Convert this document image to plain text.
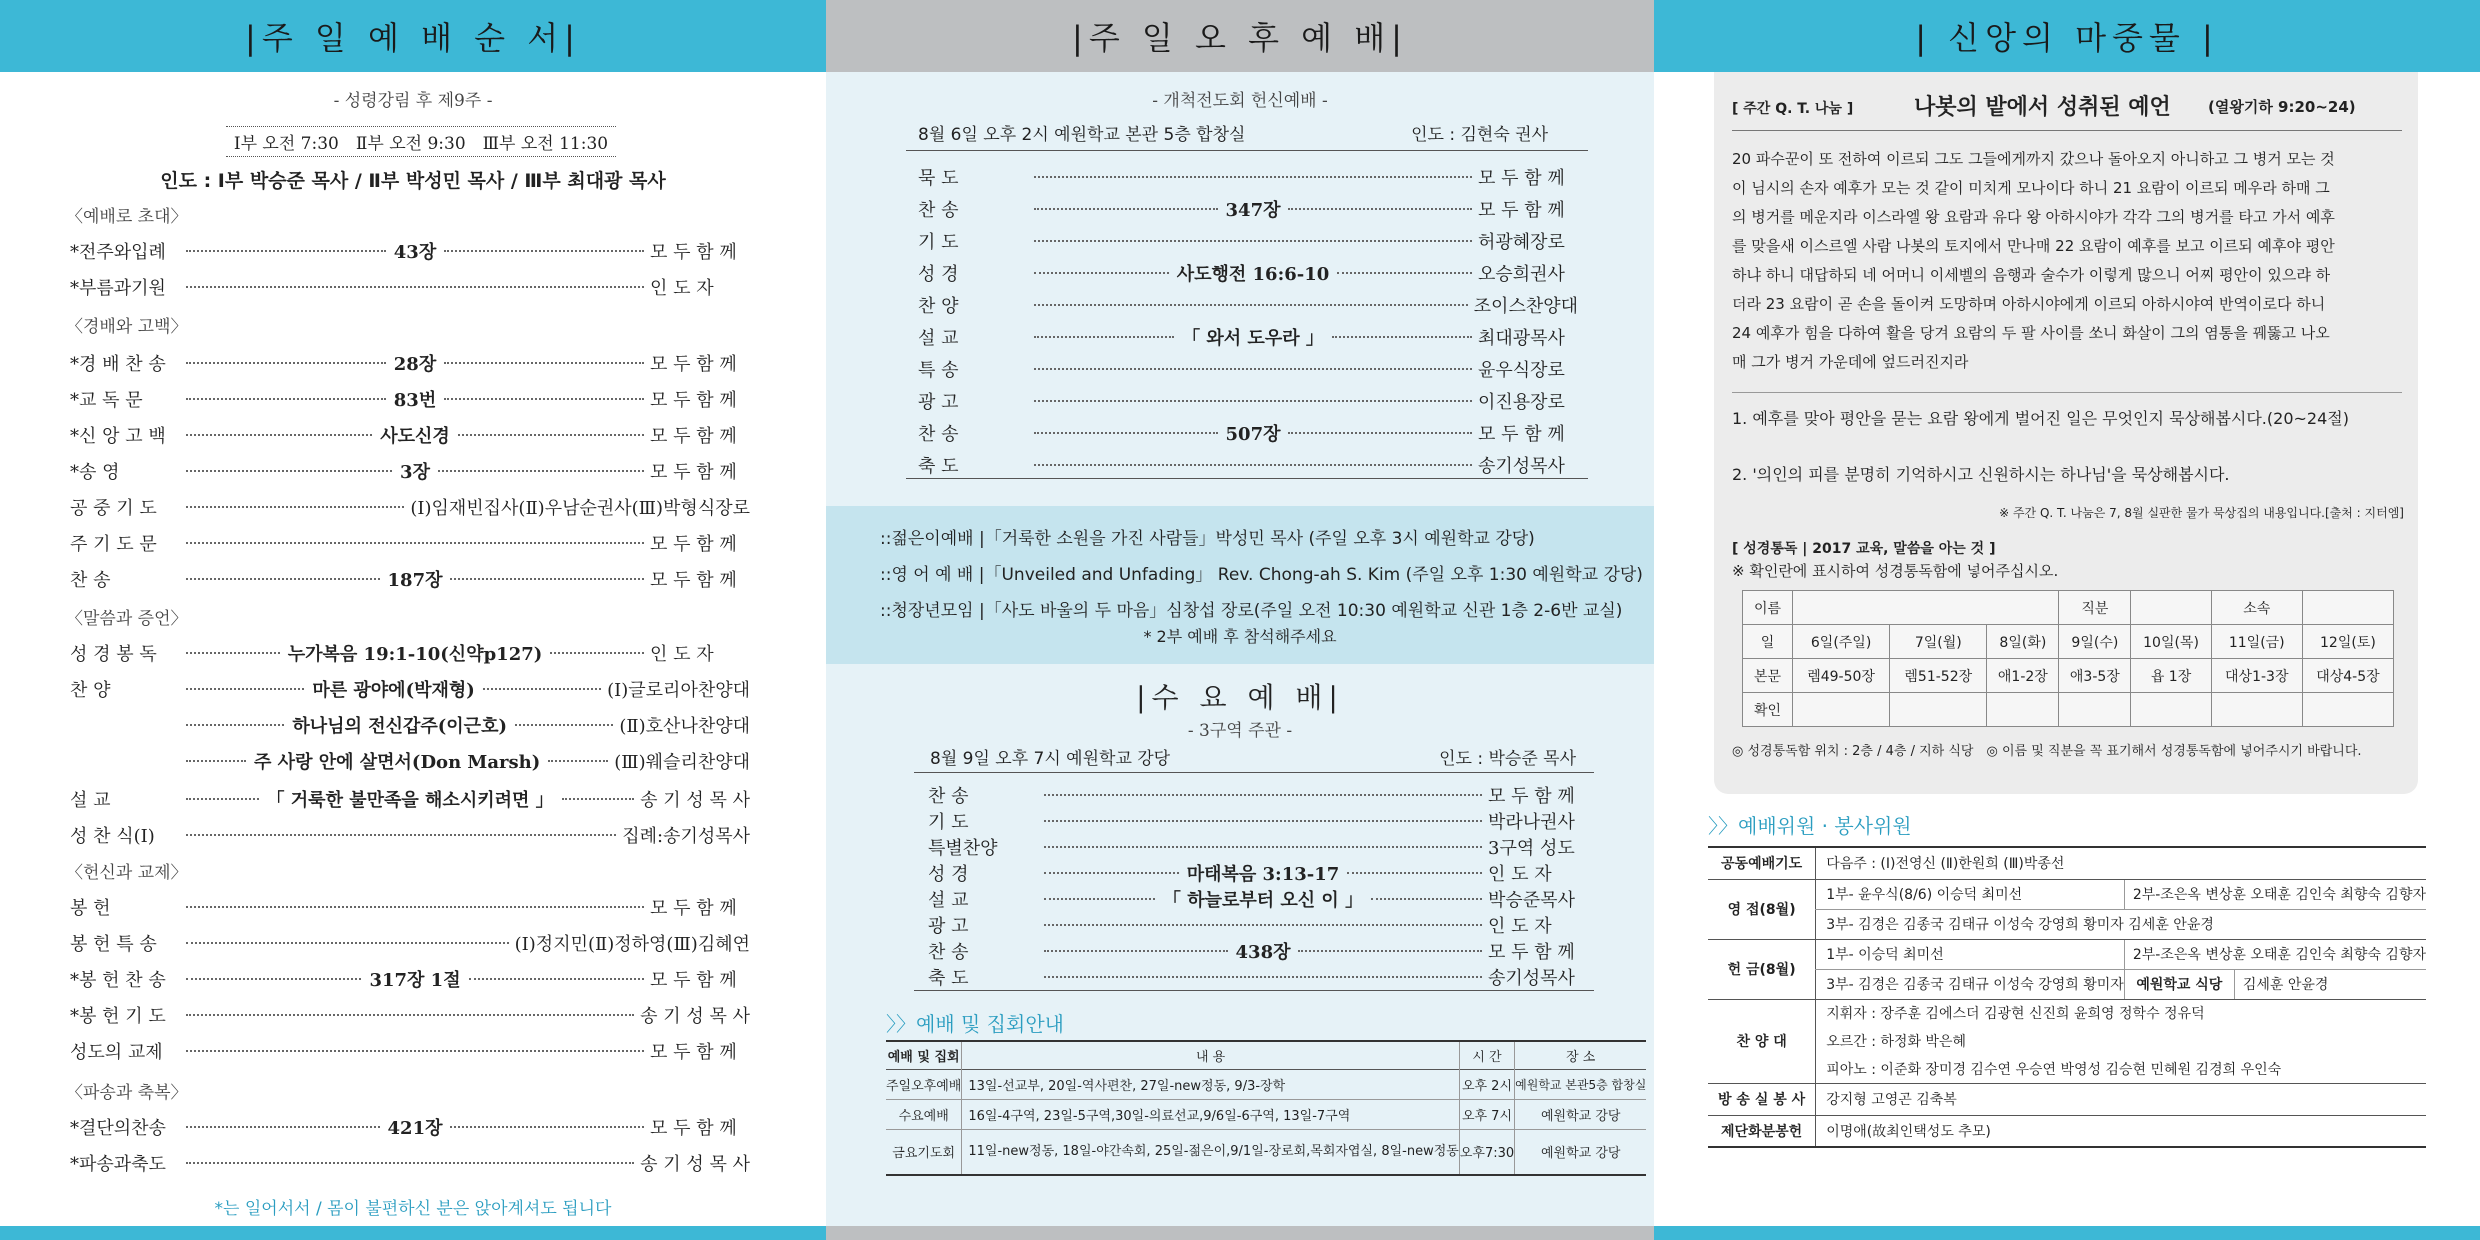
|주 일 예 배 순 서|
- 성령강림 후 제9주 -
Ⅰ부 오전 7:30　Ⅱ부 오전 9:30　Ⅲ부 오전 11:30
인도 : Ⅰ부 박승준 목사 / Ⅱ부 박성민 목사 / Ⅲ부 최대광 목사
*전주와입례	43장	모 두 함 께
*부름과기원	인 도 자
*경 배 찬 송	28장	모 두 함 께
*교 독 문	83번	모 두 함 께
*신 앙 고 백	사도신경	모 두 함 께
*송 영	3장	모 두 함 께
공 중 기 도	(Ⅰ)임재빈집사(Ⅱ)우남순권사(Ⅲ)박형식장로
주 기 도 문	모 두 함 께
찬 송	187장	모 두 함 께
성 경 봉 독	누가복음 19:1-10(신약p127)	인 도 자
찬 양	마른 광야에(박재형)	(Ⅰ)글로리아찬양대
하나님의 전신갑주(이근호)	(Ⅱ)호산나찬양대
주 사랑 안에 살면서(Don Marsh)	(Ⅲ)웨슬리찬양대
설 교	「 거룩한 불만족을 해소시키려면 」	송 기 성 목 사
성 찬 식(Ⅰ)	집례:송기성목사
봉 헌	모 두 함 께
봉 헌 특 송	(Ⅰ)정지민(Ⅱ)정하영(Ⅲ)김혜연
*봉 헌 찬 송	317장 1절	모 두 함 께
*봉 헌 기 도	송 기 성 목 사
성도의 교제	모 두 함 께
*결단의찬송	421장	모 두 함 께
*파송과축도	송 기 성 목 사
〈예배로 초대〉
〈경배와 고백〉
〈말씀과 증언〉
〈헌신과 교제〉
〈파송과 축복〉
*는 일어서서 / 몸이 불편하신 분은 앉아계셔도 됩니다
|주 일 오 후 예 배|
- 개척전도회 헌신예배 -
8월 6일 오후 2시 예원학교 본관 5층 합창실	인도 : 김현숙 권사
묵 도	모 두 함 께
찬 송	347장	모 두 함 께
기 도	허광혜장로
성 경	사도행전 16:6-10	오승희권사
찬 양	조이스찬양대
설 교	「 와서 도우라 」	최대광목사
특 송	윤우식장로
광 고	이진용장로
찬 송	507장	모 두 함 께
축 도	송기성목사
::젊은이예배 |「거룩한 소원을 가진 사람들」박성민 목사 (주일 오후 3시 예원학교 강당)
::영 어 예 배 |「Unveiled and Unfading」 Rev. Chong-ah S. Kim (주일 오후 1:30 예원학교 강당)
::청장년모임 |「사도 바울의 두 마음」심창섭 장로(주일 오전 10:30 예원학교 신관 1층 2-6반 교실)
* 2부 예배 후 참석해주세요
|수 요 예 배|
- 3구역 주관 -
8월 9일 오후 7시 예원학교 강당	인도 : 박승준 목사
찬 송	모 두 함 께
기 도	박라나권사
특별찬양	3구역 성도
성 경	마태복음 3:13-17	인 도 자
설 교	「 하늘로부터 오신 이 」	박승준목사
광 고	인 도 자
찬 송	438장	모 두 함 께
축 도	송기성목사
〉〉예배 및 집회안내
예배 및 집회	내 용	시 간	장 소
주일오후예배	13일-선교부, 20일-역사편찬, 27일-new정동, 9/3-장학	오후 2시	예원학교 본관5층 합창실
수요예배	16일-4구역, 23일-5구역,30일-의료선교,9/6일-6구역, 13일-7구역	오후 7시	예원학교 강당
금요기도회	11일-new정동, 18일-야간속회, 25일-젊은이,9/1일-장로회,목회자엽실, 8일-new정동	오후7:30	예원학교 강당
| 신앙의 마중물 |
[ 주간 Q. T. 나눔 ]	나봇의 밭에서 성취된 예언 (열왕기하 9:20~24)
20 파수꾼이 또 전하여 이르되 그도 그들에게까지 갔으나 돌아오지 아니하고 그 병거 모는 것
이 님시의 손자 예후가 모는 것 같이 미치게 모나이다 하니 21 요람이 이르되 메우라 하매 그
의 병거를 메운지라 이스라엘 왕 요람과 유다 왕 아하시야가 각각 그의 병거를 타고 가서 예후
를 맞을새 이스르엘 사람 나봇의 토지에서 만나매 22 요람이 예후를 보고 이르되 예후야 평안
하냐 하니 대답하되 네 어머니 이세벨의 음행과 술수가 이렇게 많으니 어찌 평안이 있으랴 하
더라 23 요람이 곧 손을 돌이켜 도망하며 아하시야에게 이르되 아하시야여 반역이로다 하니
24 예후가 힘을 다하여 활을 당겨 요람의 두 팔 사이를 쏘니 화살이 그의 염통을 꿰뚫고 나오
매 그가 병거 가운데에 엎드러진지라
1. 예후를 맞아 평안을 묻는 요람 왕에게 벌어진 일은 무엇인지 묵상해봅시다.(20~24절)
2. '의인의 피를 분명히 기억하시고 신원하시는 하나님'을 묵상해봅시다.
※ 주간 Q. T. 나눔은 7, 8월 실판한 물가 묵상집의 내용입니다.[출처 : 지터엠]
[ 성경통독 | 2017 교육, 말씀을 아는 것 ]
※ 확인란에 표시하여 성경통독함에 넣어주십시오.
이름				직분		소속	
일	6일(주일)	7일(월)	8일(화)	9일(수)	10일(목)	11일(금)	12일(토)
본문	렘49-50장	렘51-52장	애1-2장	애3-5장	욥 1장	대상1-3장	대상4-5장
확인							
◎ 성경통독함 위치 : 2층 / 4층 / 지하 식당　◎ 이름 및 직분을 꼭 표기해서 성경통독함에 넣어주시기 바랍니다.
〉〉예배위원 · 봉사위원
공동예배기도	다음주 : (Ⅰ)전영신 (Ⅱ)한원희 (Ⅲ)박종선		
영 접(8월)	1부- 윤우식(8/6) 이승덕 최미선	2부-조은옥 변상훈 오태훈 김인숙 최향숙 김향자	
	3부- 김경은 김종국 김태규 이성숙 강영희 황미자 김세훈 안윤경		
헌 금(8월)	1부- 이승덕 최미선	2부-조은옥 변상훈 오태훈 김인숙 최향숙 김향자	
	3부- 김경은 김종국 김태규 이성숙 강영희 황미자	예원학교 식당	김세훈 안윤경
찬 양 대	지휘자 : 장주훈 김에스더 김광현 신진희 윤희영 정학수 정유덕		
	오르간 : 하정화 박은혜		
	피아노 : 이준화 장미경 김수연 우승연 박영성 김승현 민혜원 김경희 우인숙		
방 송 실 봉 사	강지형 고영곤 김축복		
제단화분봉헌	이명애(故최인택성도 추모)		
